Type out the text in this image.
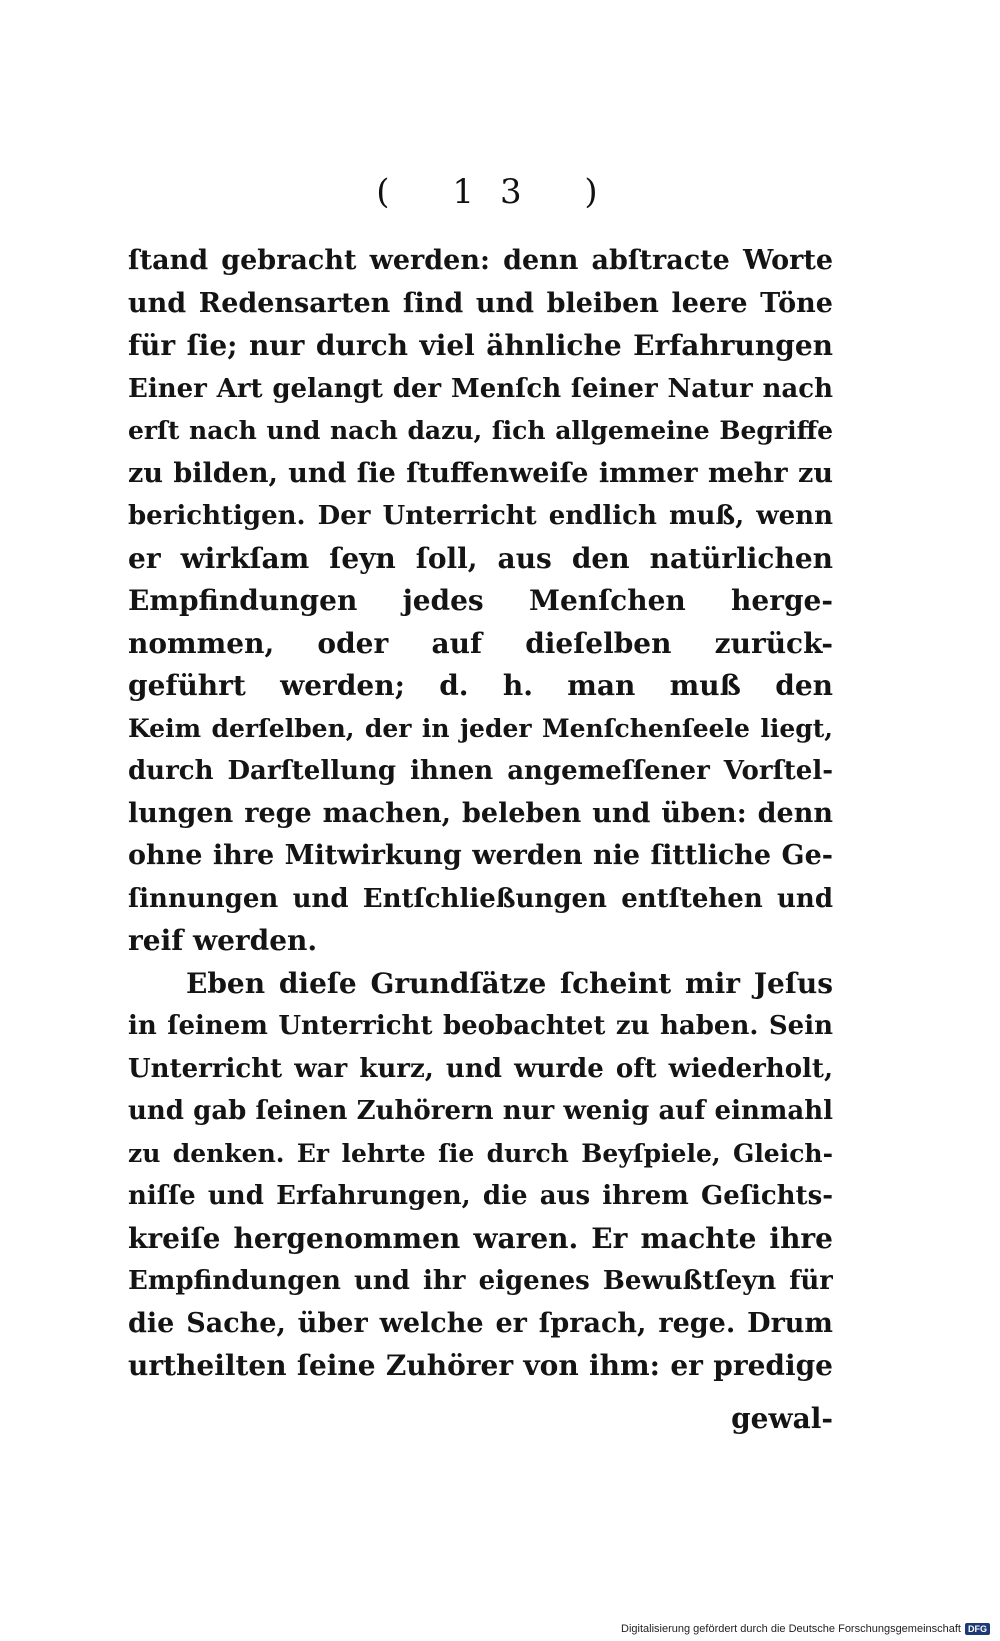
( 13 )
ſtand gebracht werden: denn abſtracte Worte
und Redensarten ſind und bleiben leere Töne
für ſie; nur durch viel ähnliche Erfahrungen
Einer Art gelangt der Menſch ſeiner Natur nach
erſt nach und nach dazu, ſich allgemeine Begriffe
zu bilden, und ſie ſtuffenweiſe immer mehr zu
berichtigen. Der Unterricht endlich muß, wenn
er wirkſam ſeyn ſoll, aus den natürlichen
Empfindungen jedes Menſchen herge-
nommen, oder auf dieſelben zurück-
geführt werden; d. h. man muß den
Keim derſelben, der in jeder Menſchenſeele liegt,
durch Darſtellung ihnen angemeſſener Vorſtel-
lungen rege machen, beleben und üben: denn
ohne ihre Mitwirkung werden nie ſittliche Ge-
ſinnungen und Entſchließungen entſtehen und
reif werden.
Eben dieſe Grundſätze ſcheint mir Jeſus
in ſeinem Unterricht beobachtet zu haben. Sein
Unterricht war kurz, und wurde oft wiederholt,
und gab ſeinen Zuhörern nur wenig auf einmahl
zu denken. Er lehrte ſie durch Beyſpiele, Gleich-
niſſe und Erfahrungen, die aus ihrem Geſichts-
kreiſe hergenommen waren. Er machte ihre
Empfindungen und ihr eigenes Bewußtſeyn für
die Sache, über welche er ſprach, rege. Drum
urtheilten ſeine Zuhörer von ihm: er predige
gewal-
Digitalisierung gefördert durch die Deutsche Forschungsgemeinschaft DFG
